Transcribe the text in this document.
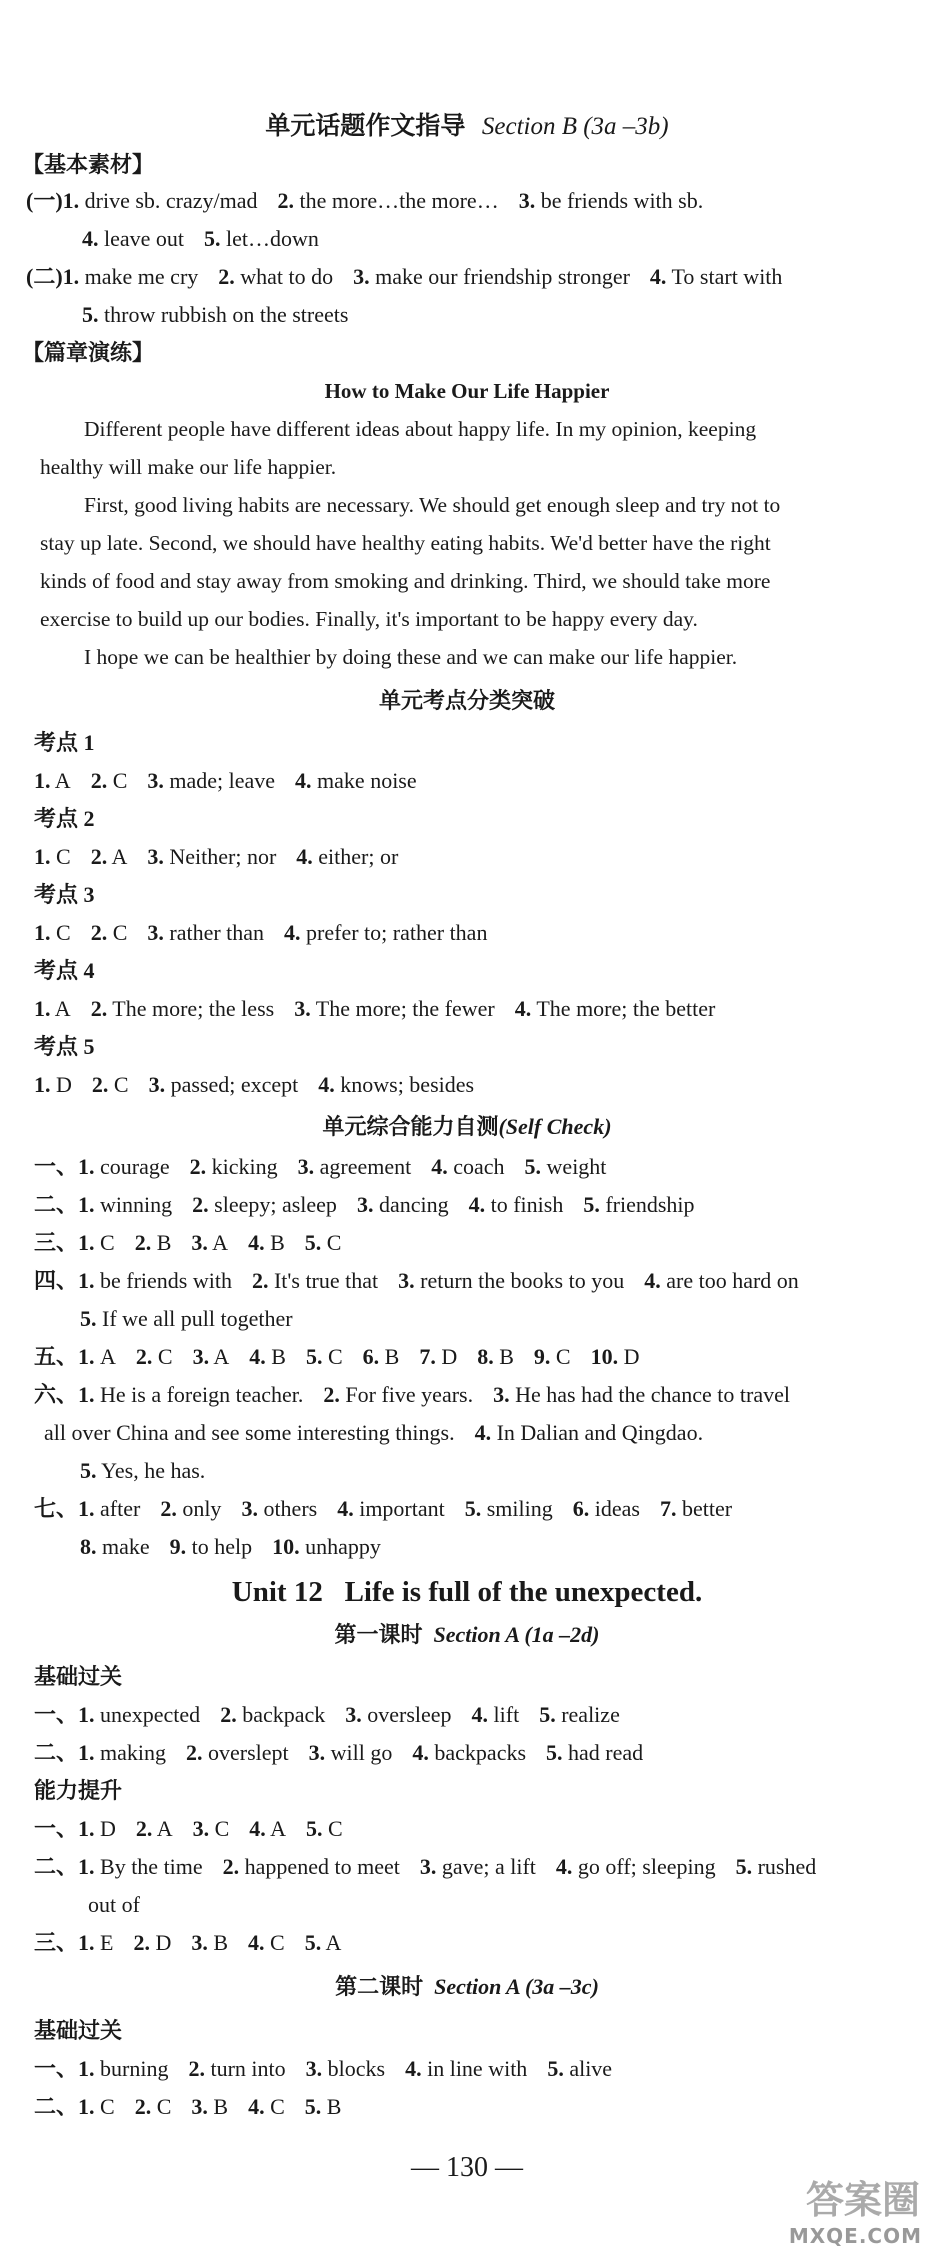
单元话题作文指导 Section B (3a –3b)
【基本素材】
(一)1. drive sb. crazy/mad 2. the more…the more… 3. be friends with sb.
4. leave out 5. let…down
(二)1. make me cry 2. what to do 3. make our friendship stronger 4. To start with
5. throw rubbish on the streets
【篇章演练】
How to Make Our Life Happier
Different people have different ideas about happy life. In my opinion, keeping
healthy will make our life happier.
First, good living habits are necessary. We should get enough sleep and try not to
stay up late. Second, we should have healthy eating habits. We'd better have the right
kinds of food and stay away from smoking and drinking. Third, we should take more
exercise to build up our bodies. Finally, it's important to be happy every day.
I hope we can be healthier by doing these and we can make our life happier.
单元考点分类突破
考点 1
1. A 2. C 3. made; leave 4. make noise
考点 2
1. C 2. A 3. Neither; nor 4. either; or
考点 3
1. C 2. C 3. rather than 4. prefer to; rather than
考点 4
1. A 2. The more; the less 3. The more; the fewer 4. The more; the better
考点 5
1. D 2. C 3. passed; except 4. knows; besides
单元综合能力自测(Self Check)
一、1. courage 2. kicking 3. agreement 4. coach 5. weight
二、1. winning 2. sleepy; asleep 3. dancing 4. to finish 5. friendship
三、1. C 2. B 3. A 4. B 5. C
四、1. be friends with 2. It's true that 3. return the books to you 4. are too hard on
5. If we all pull together
五、1. A 2. C 3. A 4. B 5. C 6. B 7. D 8. B 9. C 10. D
六、1. He is a foreign teacher. 2. For five years. 3. He has had the chance to travel
all over China and see some interesting things. 4. In Dalian and Qingdao.
5. Yes, he has.
七、1. after 2. only 3. others 4. important 5. smiling 6. ideas 7. better
8. make 9. to help 10. unhappy
Unit 12   Life is full of the unexpected.
第一课时 Section A (1a –2d)
基础过关
一、1. unexpected 2. backpack 3. oversleep 4. lift 5. realize
二、1. making 2. overslept 3. will go 4. backpacks 5. had read
能力提升
一、1. D 2. A 3. C 4. A 5. C
二、1. By the time 2. happened to meet 3. gave; a lift 4. go off; sleeping 5. rushed
out of
三、1. E 2. D 3. B 4. C 5. A
第二课时 Section A (3a –3c)
基础过关
一、1. burning 2. turn into 3. blocks 4. in line with 5. alive
二、1. C 2. C 3. B 4. C 5. B
— 130 —
答案圈
MXQE.COM
